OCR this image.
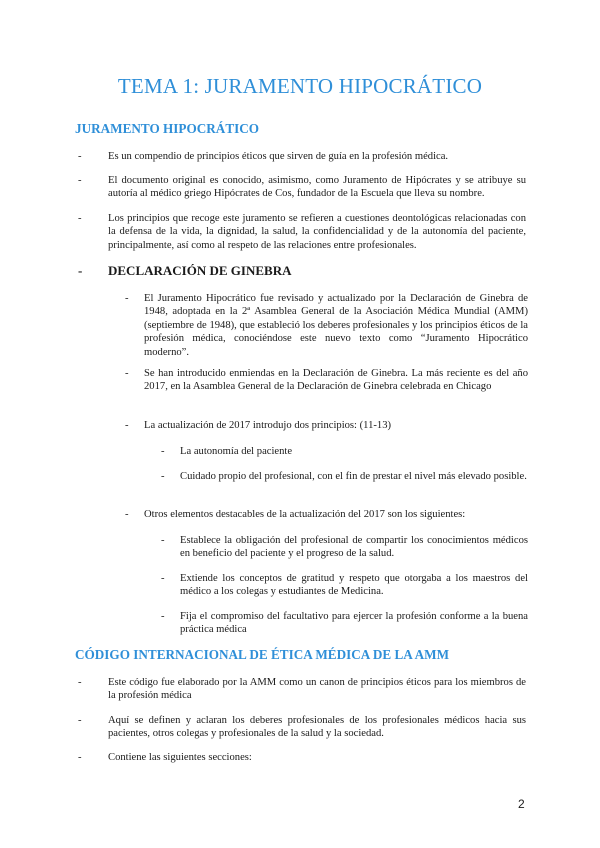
TEMA 1: JURAMENTO HIPOCRÁTICO
JURAMENTO HIPOCRÁTICO
- Es un compendio de principios éticos que sirven de guía en la profesión médica.
- El documento original es conocido, asimismo, como Juramento de Hipócrates y se atribuye su autoría al médico griego Hipócrates de Cos, fundador de la Escuela que lleva su nombre.
- Los principios que recoge este juramento se refieren a cuestiones deontológicas relacionadas con la defensa de la vida, la dignidad, la salud, la confidencialidad y de la autonomía del paciente, principalmente, así como al respeto de las relaciones entre profesionales.
- DECLARACIÓN DE GINEBRA
- El Juramento Hipocrático fue revisado y actualizado por la Declaración de Ginebra de 1948, adoptada en la 2ª Asamblea General de la Asociación Médica Mundial (AMM) (septiembre de 1948), que estableció los deberes profesionales y los principios éticos de la profesión médica, conociéndose este nuevo texto como “Juramento Hipocrático moderno”.
- Se han introducido enmiendas en la Declaración de Ginebra. La más reciente es del año 2017, en la Asamblea General de la Declaración de Ginebra celebrada en Chicago
- La actualización de 2017 introdujo dos principios: (11-13)
- La autonomía del paciente
- Cuidado propio del profesional, con el fin de prestar el nivel más elevado posible.
- Otros elementos destacables de la actualización del 2017 son los siguientes:
- Establece la obligación del profesional de compartir los conocimientos médicos en beneficio del paciente y el progreso de la salud.
- Extiende los conceptos de gratitud y respeto que otorgaba a los maestros del médico a los colegas y estudiantes de Medicina.
- Fija el compromiso del facultativo para ejercer la profesión conforme a la buena práctica médica
CÓDIGO INTERNACIONAL DE ÉTICA MÉDICA DE LA AMM
- Este código fue elaborado por la AMM como un canon de principios éticos para los miembros de la profesión médica
- Aquí se definen y aclaran los deberes profesionales de los profesionales médicos hacia sus pacientes, otros colegas y profesionales de la salud y la sociedad.
- Contiene las siguientes secciones:
2
